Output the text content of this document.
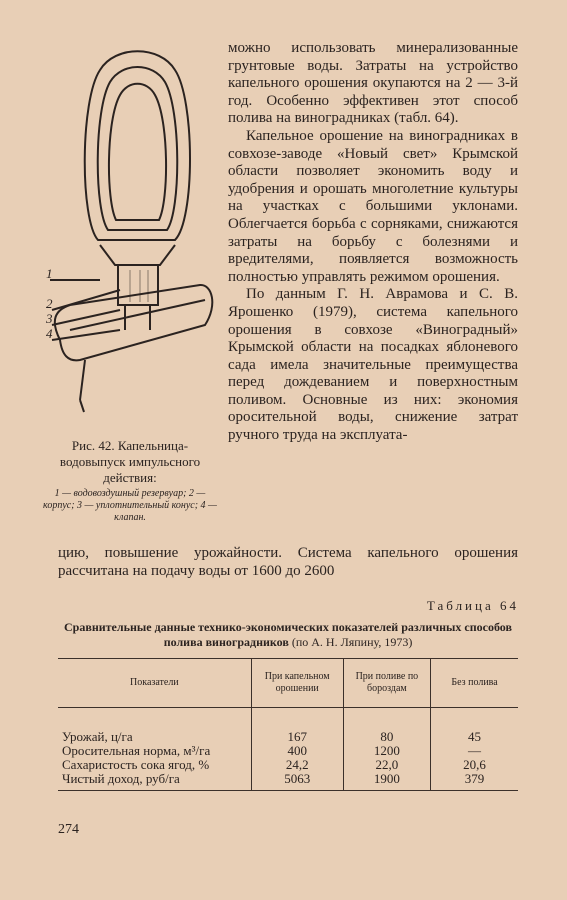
1
2
3
4

Рис. 42. Капельница-водовыпуск импульсного действия:

1 — водовоздушный резервуар; 2 — корпус; 3 — уплотнительный конус; 4 — клапан.

можно использовать минерализованные грунтовые воды. Затраты на устройство капельного орошения окупаются на 2 — 3-й год. Особенно эффективен этот способ полива на виноградниках (табл. 64).

Капельное орошение на виноградниках в совхозе-заводе «Новый свет» Крымской области позволяет экономить воду и удобрения и орошать многолетние культуры на участках с большими уклонами. Облегчается борьба с сорняками, снижаются затраты на борьбу с болезнями и вредителями, появляется возможность полностью управлять режимом орошения.

По данным Г. Н. Аврамова и С. В. Ярошенко (1979), система капельного орошения в совхозе «Виноградный» Крымской области на посадках яблоневого сада имела значительные преимущества перед дождеванием и поверхностным поливом. Основные из них: экономия оросительной воды, снижение затрат ручного труда на эксплуата-

цию, повышение урожайности. Система капельного орошения рассчитана на подачу воды от 1600 до 2600

Таблица 64
Сравнительные данные технико-экономических показателей различных способов полива виноградников (по А. Н. Ляпину, 1973)
Показатели	При капельном орошении	При поливе по бороздам	Без полива
Урожай, ц/га	167	80	45
Оросительная норма, м³/га	400	1200	—
Сахаристость сока ягод, %	24,2	22,0	20,6
Чистый доход, руб/га	5063	1900	379
274
